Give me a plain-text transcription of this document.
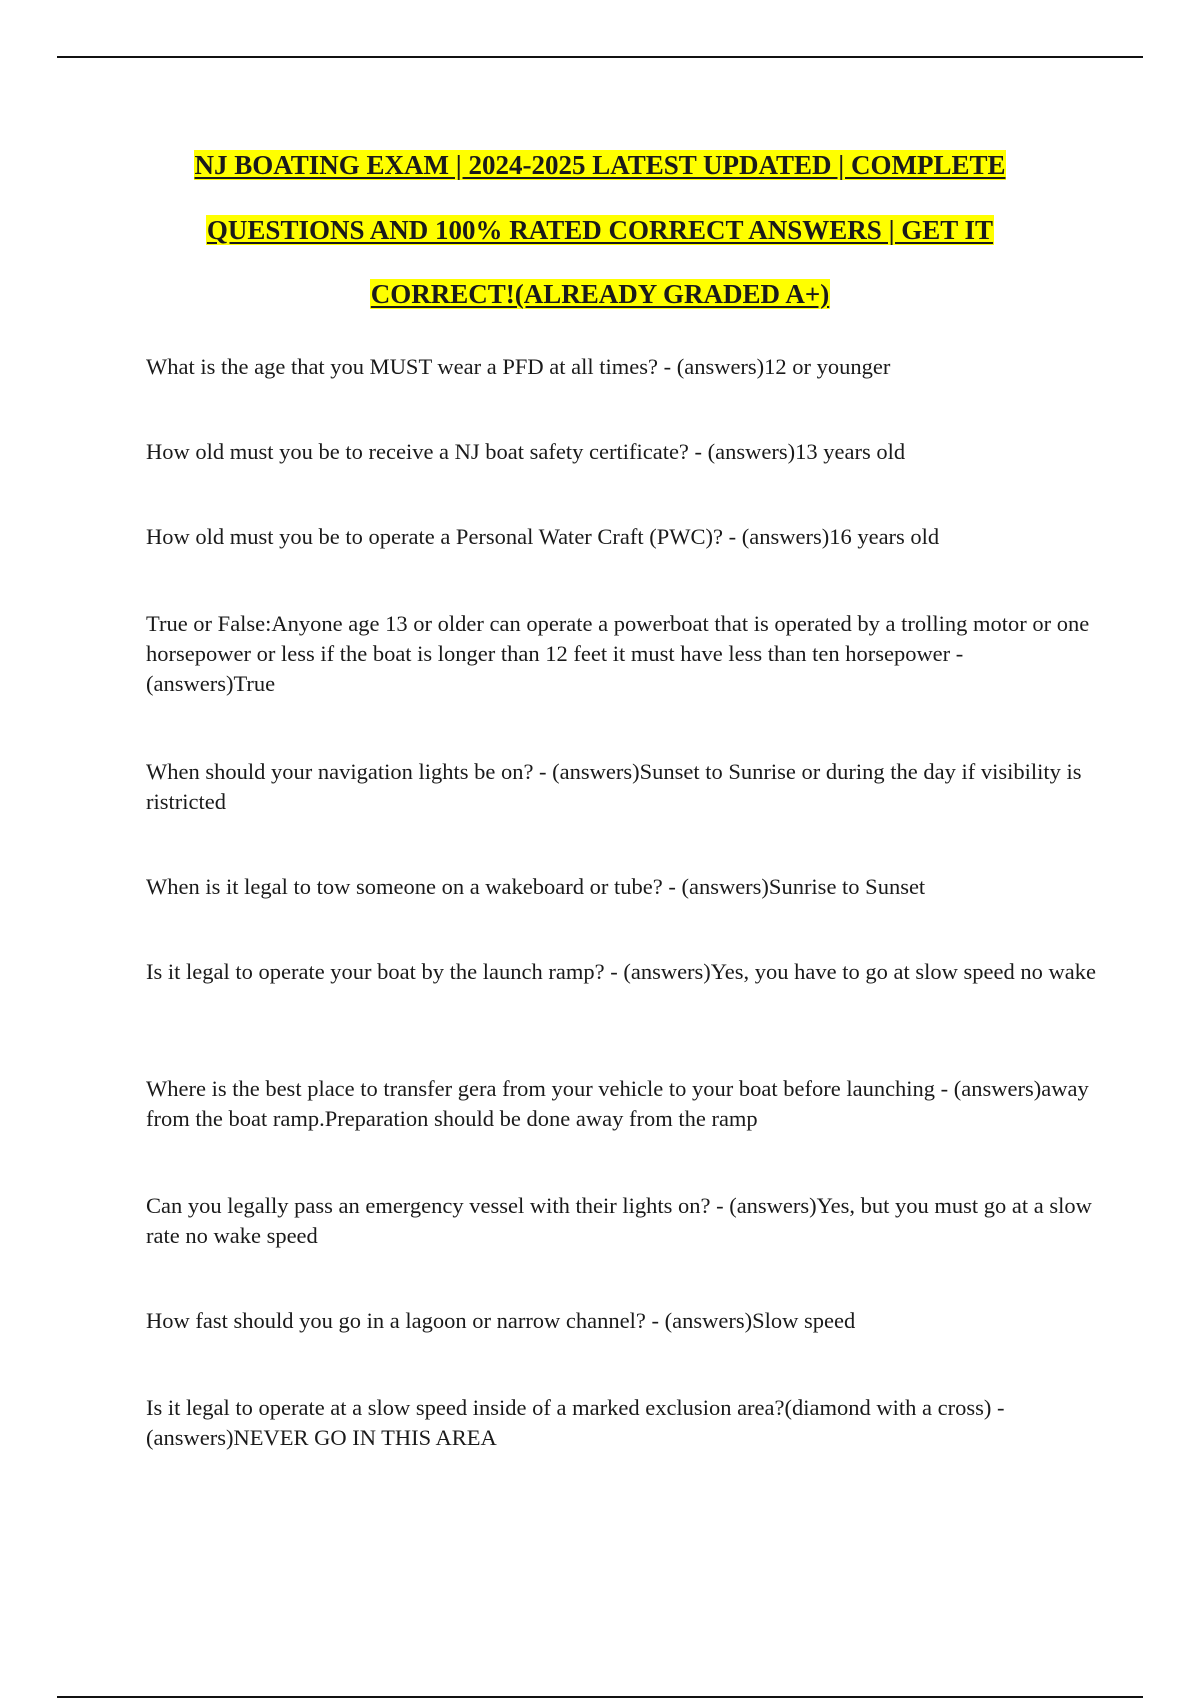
NJ BOATING EXAM | 2024-2025 LATEST UPDATED | COMPLETE
QUESTIONS AND 100% RATED CORRECT ANSWERS | GET IT
CORRECT!(ALREADY GRADED A+)

What is the age that you MUST wear a PFD at all times? - (answers)12 or younger

How old must you be to receive a NJ boat safety certificate? - (answers)13 years old

How old must you be to operate a Personal Water Craft (PWC)? - (answers)16 years old

True or False:Anyone age 13 or older can operate a powerboat that is operated by a trolling motor or one horsepower or less if the boat is longer than 12 feet it must have less than ten horsepower - (answers)True

When should your navigation lights be on? - (answers)Sunset to Sunrise or during the day if visibility is ristricted

When is it legal to tow someone on a wakeboard or tube? - (answers)Sunrise to Sunset

Is it legal to operate your boat by the launch ramp? - (answers)Yes, you have to go at slow speed no wake

Where is the best place to transfer gera from your vehicle to your boat before launching - (answers)away from the boat ramp.Preparation should be done away from the ramp

Can you legally pass an emergency vessel with their lights on? - (answers)Yes, but you must go at a slow rate no wake speed

How fast should you go in a lagoon or narrow channel? - (answers)Slow speed

Is it legal to operate at a slow speed inside of a marked exclusion area?(diamond with a cross) - (answers)NEVER GO IN THIS AREA
